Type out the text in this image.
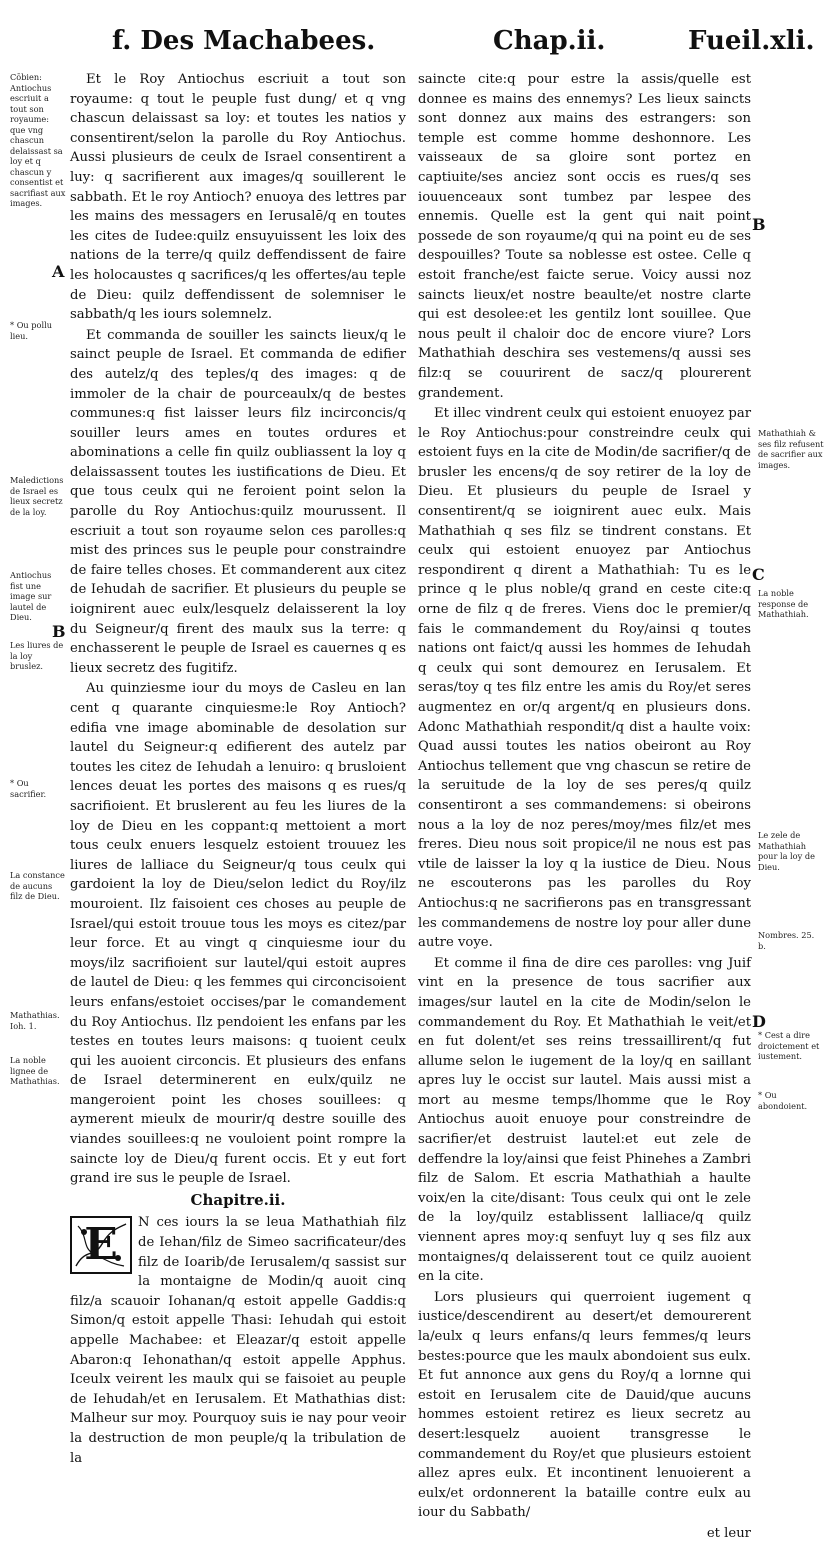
f. Des Machabees.	Chap.ii.	Fueil.xli.
Cōbien: Antiochus escriuit a tout son royaume: que vng chascun delaissast sa loy et q chascun y consentist et sacrifiast aux images.
A
* Ou pollu lieu.
Maledictions de Israel es lieux secretz de la loy.
Antiochus fist une image sur lautel de Dieu.
B
Les liures de la loy bruslez.
* Ou sacrifier.
La constance de aucuns filz de Dieu.
Mathathias. Ioh. 1.
La noble lignee de Mathathias.

Et le Roy Antiochus escriuit a tout son royaume: q tout le peuple fust dung/ et q vng chascun delaissast sa loy: et toutes les natios y consentirent/selon la parolle du Roy Antiochus. Aussi plusieurs de ceulx de Israel consentirent a luy: q sacrifierent aux images/q souillerent le sabbath. Et le roy Antioch? enuoya des lettres par les mains des messagers en Ierusalē/q en toutes les cites de Iudee:quilz ensuyuissent les loix des nations de la terre/q quilz deffendissent de faire les holocaustes q sacrifices/q les offertes/au teple de Dieu: quilz deffendissent de solemniser le sabbath/q les iours solemnelz.

Et commanda de souiller les saincts lieux/q le sainct peuple de Israel. Et commanda de edifier des autelz/q des teples/q des images: q de immoler de la chair de pourceaulx/q de bestes communes:q fist laisser leurs filz incirconcis/q souiller leurs ames en toutes ordures et abominations a celle fin quilz oubliassent la loy q delaissassent toutes les iustifications de Dieu. Et que tous ceulx qui ne feroient point selon la parolle du Roy Antiochus:quilz mourussent. Il escriuit a tout son royaume selon ces parolles:q mist des princes sus le peuple pour constraindre de faire telles choses. Et commanderent aux citez de Iehudah de sacrifier. Et plusieurs du peuple se ioignirent auec eulx/lesquelz delaisserent la loy du Seigneur/q firent des maulx sus la terre: q enchasserent le peuple de Israel es cauernes q es lieux secretz des fugitifz.

Au quinziesme iour du moys de Casleu en lan cent q quarante cinquiesme:le Roy Antioch? edifia vne image abominable de desolation sur lautel du Seigneur:q edifierent des autelz par toutes les citez de Iehudah a lenuiro: q brusloient lences deuat les portes des maisons q es rues/q sacrifioient. Et bruslerent au feu les liures de la loy de Dieu en les coppant:q mettoient a mort tous ceulx enuers lesquelz estoient trouuez les liures de lalliace du Seigneur/q tous ceulx qui gardoient la loy de Dieu/selon ledict du Roy/ilz mouroient. Ilz faisoient ces choses au peuple de Israel/qui estoit trouue tous les moys es citez/par leur force. Et au vingt q cinquiesme iour du moys/ilz sacrifioient sur lautel/qui estoit aupres de lautel de Dieu: q les femmes qui circoncisoient leurs enfans/estoiet occises/par le comandement du Roy Antiochus. Ilz pendoient les enfans par les testes en toutes leurs maisons: q tuoient ceulx qui les auoient circoncis. Et plusieurs des enfans de Israel determinerent en eulx/quilz ne mangeroient point les choses souillees: q aymerent mieulx de mourir/q destre souille des viandes souillees:q ne vouloient point rompre la saincte loy de Dieu/q furent occis. Et y eut fort grand ire sus le peuple de Israel.

Chapitre.ii.
E	N ces iours la se leua Mathathiah filz de Iehan/filz de Simeo sacrificateur/des filz de Ioarib/de Ierusalem/q sassist sur la montaigne de Modin/q auoit cinq filz/a scauoir Iohanan/q estoit appelle Gaddis:q Simon/q estoit appelle Thasi: Iehudah qui estoit appelle Machabee: et Eleazar/q estoit appelle Abaron:q Iehonathan/q estoit appelle Apphus. Iceulx veirent les maulx qui se faisoiet au peuple de Iehudah/et en Ierusalem. Et Mathathias dist: Malheur sur moy. Pourquoy suis ie nay pour veoir la destruction de mon peuple/q la tribulation de la

saincte cite:q pour estre la assis/quelle est donnee es mains des ennemys? Les lieux saincts sont donnez aux mains des estrangers: son temple est comme homme deshonnore. Les vaisseaux de sa gloire sont portez en captiuite/ses anciez sont occis es rues/q ses iouuenceaux sont tumbez par lespee des ennemis. Quelle est la gent qui nait point possede de son royaume/q qui na point eu de ses despouilles? Toute sa noblesse est ostee. Celle q estoit franche/est faicte serue. Voicy aussi noz saincts lieux/et nostre beaulte/et nostre clarte qui est desolee:et les gentilz lont souillee. Que nous peult il chaloir doc de encore viure? Lors Mathathiah deschira ses vestemens/q aussi ses filz:q se couurirent de sacz/q plourerent grandement.

Et illec vindrent ceulx qui estoient enuoyez par le Roy Antiochus:pour constreindre ceulx qui estoient fuys en la cite de Modin/de sacrifier/q de brusler les encens/q de soy retirer de la loy de Dieu. Et plusieurs du peuple de Israel y consentirent/q se ioignirent auec eulx. Mais Mathathiah q ses filz se tindrent constans. Et ceulx qui estoient enuoyez par Antiochus respondirent q dirent a Mathathiah: Tu es le prince q le plus noble/q grand en ceste cite:q orne de filz q de freres. Viens doc le premier/q fais le commandement du Roy/ainsi q toutes nations ont faict/q aussi les hommes de Iehudah q ceulx qui sont demourez en Ierusalem. Et seras/toy q tes filz entre les amis du Roy/et seres augmentez en or/q argent/q en plusieurs dons. Adonc Mathathiah respondit/q dist a haulte voix: Quad aussi toutes les natios obeiront au Roy Antiochus tellement que vng chascun se retire de la seruitude de la loy de ses peres/q quilz consentiront a ses commandemens: si obeirons nous a la loy de noz peres/moy/mes filz/et mes freres. Dieu nous soit propice/il ne nous est pas vtile de laisser la loy q la iustice de Dieu. Nous ne escouterons pas les parolles du Roy Antiochus:q ne sacrifierons pas en transgressant les commandemens de nostre loy pour aller dune autre voye.

Et comme il fina de dire ces parolles: vng Juif vint en la presence de tous sacrifier aux images/sur lautel en la cite de Modin/selon le commandement du Roy. Et Mathathiah le veit/et en fut dolent/et ses reins tressaillirent/q fut allume selon le iugement de la loy/q en saillant apres luy le occist sur lautel. Mais aussi mist a mort au mesme temps/lhomme que le Roy Antiochus auoit enuoye pour constreindre de sacrifier/et destruist lautel:et eut zele de deffendre la loy/ainsi que feist Phinehes a Zambri filz de Salom. Et escria Mathathiah a haulte voix/en la cite/disant: Tous ceulx qui ont le zele de la loy/quilz establissent lalliace/q quilz viennent apres moy:q senfuyt luy q ses filz aux montaignes/q delaisserent tout ce quilz auoient en la cite.

Lors plusieurs qui querroient iugement q iustice/descendirent au desert/et demourerent la/eulx q leurs enfans/q leurs femmes/q leurs bestes:pource que les maulx abondoient sus eulx. Et fut annonce aux gens du Roy/q a lornne qui estoit en Ierusalem cite de Dauid/que aucuns hommes estoient retirez es lieux secretz au desert:lesquelz auoient transgresse le commandement du Roy/et que plusieurs estoient allez apres eulx. Et incontinent lenuoierent a eulx/et ordonnerent la bataille contre eulx au iour du Sabbath/

et leur

B
Mathathiah & ses filz refusent de sacrifier aux images.
C
La noble response de Mathathiah.
Le zele de Mathathiah pour la loy de Dieu.
Nombres. 25. b.
D
* Cest a dire droictement et iustement.
* Ou abondoient.
